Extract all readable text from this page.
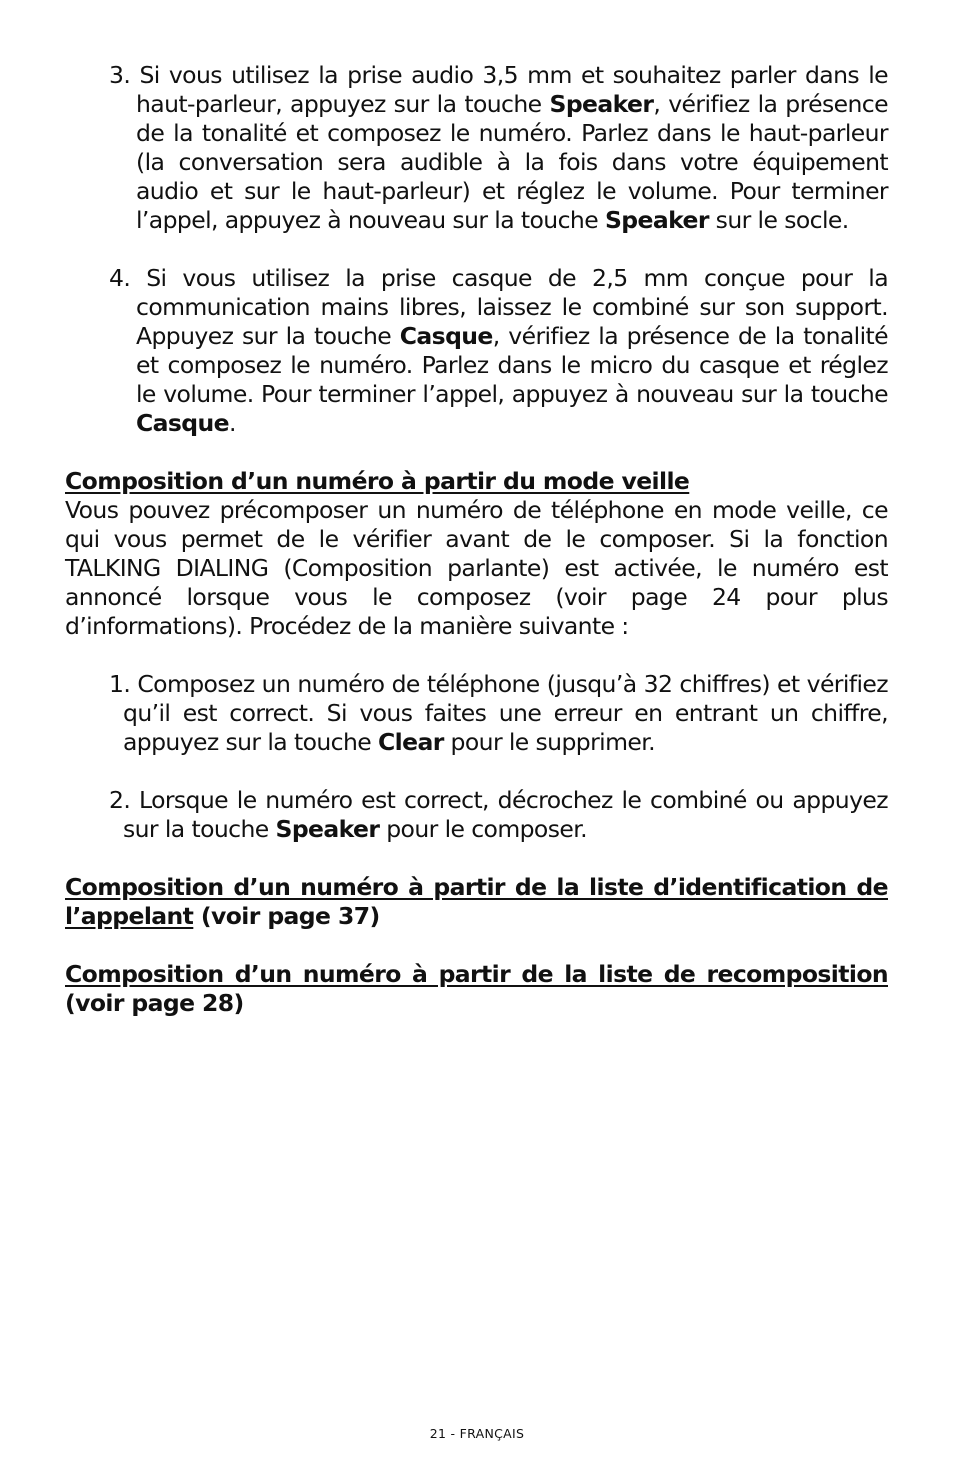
3. Si vous utilisez la prise audio 3,5 mm et souhaitez parler dans le haut-parleur, appuyez sur la touche Speaker, vérifiez la présence de la tonalité et composez le numéro. Parlez dans le haut-parleur (la conversation sera audible à la fois dans votre équipement audio et sur le haut-parleur) et réglez le volume. Pour terminer l’appel, appuyez à nouveau sur la touche Speaker sur le socle.
4. Si vous utilisez la prise casque de 2,5 mm conçue pour la communication mains libres, laissez le combiné sur son support. Appuyez sur la touche Casque, vérifiez la présence de la tonalité et composez le numéro. Parlez dans le micro du casque et réglez le volume. Pour terminer l’appel, appuyez à nouveau sur la touche Casque.
Composition d’un numéro à partir du mode veille
Vous pouvez précomposer un numéro de téléphone en mode veille, ce qui vous permet de le vérifier avant de le composer. Si la fonction TALKING DIALING (Composition parlante) est activée, le numéro est annoncé lorsque vous le composez (voir page 24 pour plus d’informations). Procédez de la manière suivante :
1. Composez un numéro de téléphone (jusqu’à 32 chiffres) et vérifiez qu’il est correct. Si vous faites une erreur en entrant un chiffre, appuyez sur la touche Clear pour le supprimer.
2. Lorsque le numéro est correct, décrochez le combiné ou appuyez sur la touche Speaker pour le composer.
Composition d’un numéro à partir de la liste d’identification de l’appelant (voir page 37)
Composition d’un numéro à partir de la liste de recomposition (voir page 28)
21 - FRANÇAIS
